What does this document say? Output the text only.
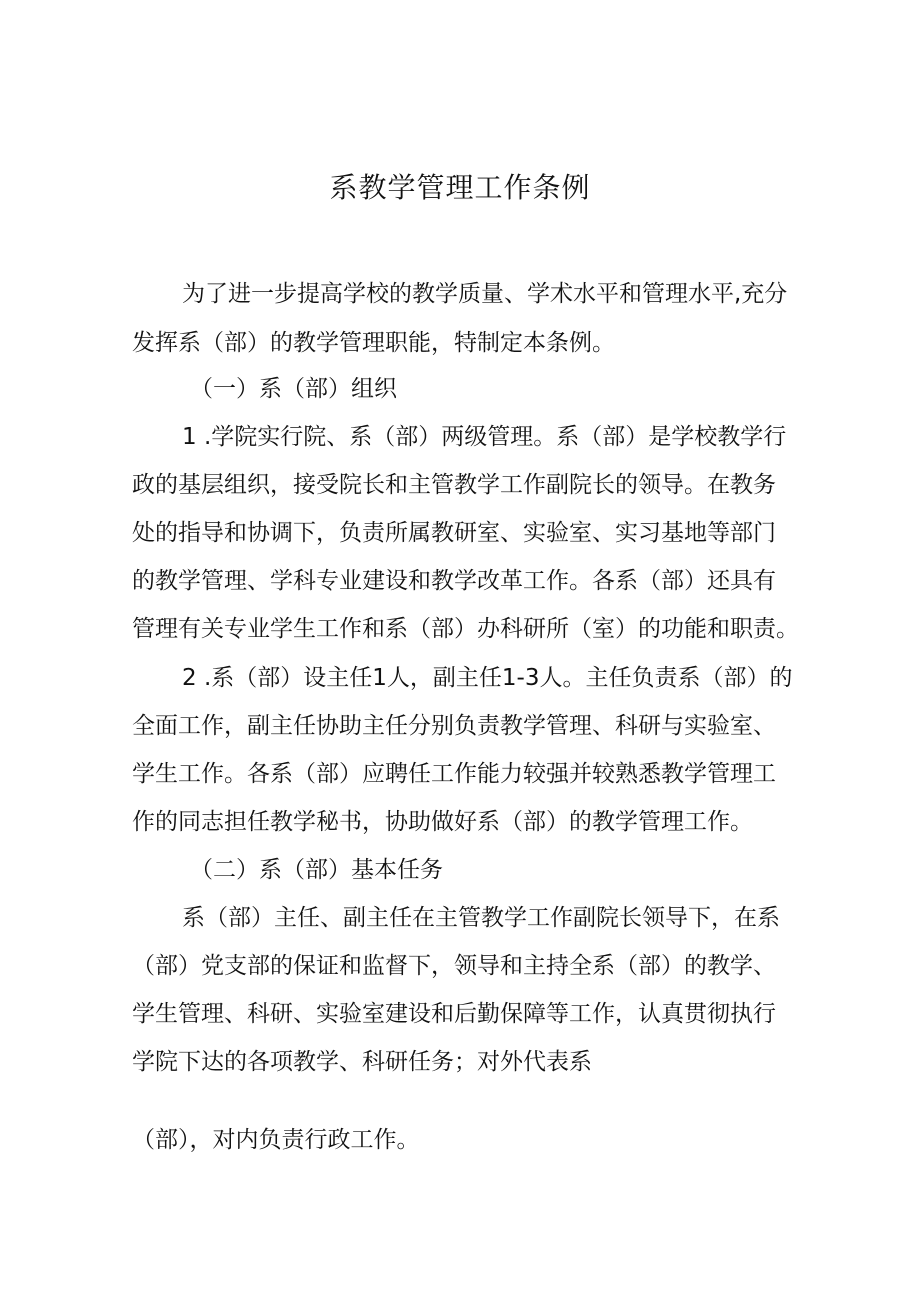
系教学管理工作条例

为了进一步提高学校的教学质量、学术水平和管理水平,充分

发挥系（部）的教学管理职能，特制定本条例。

（一）系（部）组织

1 .学院实行院、系（部）两级管理。系（部）是学校教学行

政的基层组织，接受院长和主管教学工作副院长的领导。在教务

处的指导和协调下，负责所属教研室、实验室、实习基地等部门

的教学管理、学科专业建设和教学改革工作。各系（部）还具有

管理有关专业学生工作和系（部）办科研所（室）的功能和职责。

2 .系（部）设主任1人，副主任1-3人。主任负责系（部）的

全面工作，副主任协助主任分别负责教学管理、科研与实验室、

学生工作。各系（部）应聘任工作能力较强并较熟悉教学管理工

作的同志担任教学秘书，协助做好系（部）的教学管理工作。

（二）系（部）基本任务

系（部）主任、副主任在主管教学工作副院长领导下，在系

（部）党支部的保证和监督下，领导和主持全系（部）的教学、

学生管理、科研、实验室建设和后勤保障等工作，认真贯彻执行

学院下达的各项教学、科研任务；对外代表系

（部），对内负责行政工作。
